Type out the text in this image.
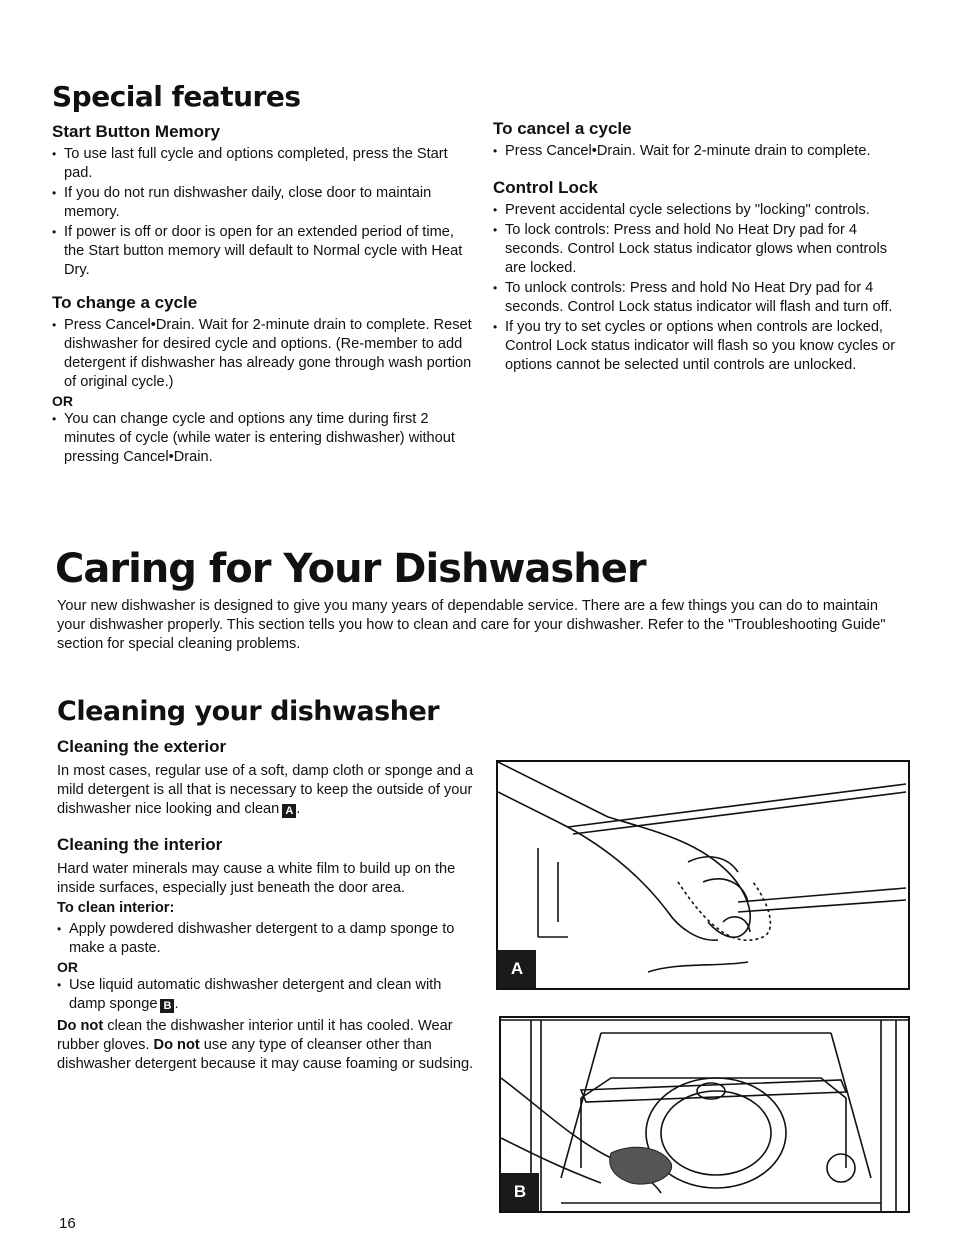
Special features
Start Button Memory
• To use last full cycle and options completed, press the Start pad.
• If you do not run dishwasher daily, close door to maintain memory.
• If power is off or door is open for an extended period of time, the Start button memory will default to Normal cycle with Heat Dry.
To change a cycle
• Press Cancel•Drain. Wait for 2-minute drain to complete. Reset dishwasher for desired cycle and options. (Re-member to add detergent if dishwasher has already gone through wash portion of original cycle.)
OR
• You can change cycle and options any time during first 2 minutes of cycle (while water is entering dishwasher) without pressing Cancel•Drain.
To cancel a cycle
• Press Cancel•Drain. Wait for 2-minute drain to complete.
Control Lock
• Prevent accidental cycle selections by "locking" controls.
• To lock controls: Press and hold No Heat Dry pad for 4 seconds. Control Lock status indicator glows when controls are locked.
• To unlock controls: Press and hold No Heat Dry pad for 4 seconds. Control Lock status indicator will flash and turn off.
• If you try to set cycles or options when controls are locked, Control Lock status indicator will flash so you know cycles or options cannot be selected until controls are unlocked.
Caring for Your Dishwasher

Your new dishwasher is designed to give you many years of dependable service. There are a few things you can do to maintain your dishwasher properly. This section tells you how to clean and care for your dishwasher. Refer to the "Troubleshooting Guide" section for special cleaning problems.

Cleaning your dishwasher
Cleaning the exterior

In most cases, regular use of a soft, damp cloth or sponge and a mild detergent is all that is necessary to keep the outside of your dishwasher nice looking and clean A .

Cleaning the interior

Hard water minerals may cause a white film to build up on the inside surfaces, especially just beneath the door area.

To clean interior:
• Apply powdered dishwasher detergent to a damp sponge to make a paste.
OR
• Use liquid automatic dishwasher detergent and clean with damp sponge B .

Do not clean the dishwasher interior until it has cooled. Wear rubber gloves. Do not use any type of cleanser other than dishwasher detergent because it may cause foaming or sudsing.

A
B
16
